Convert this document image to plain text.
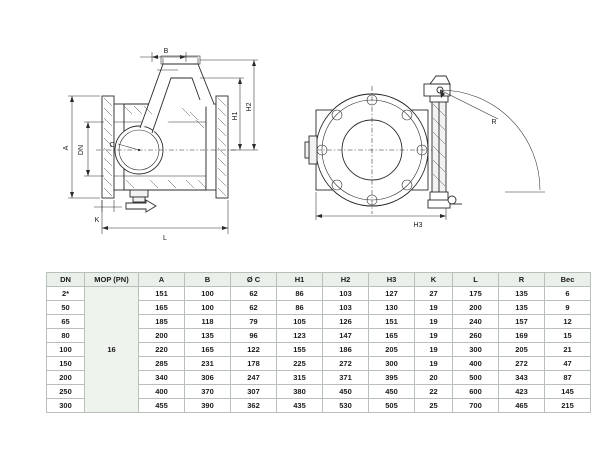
B
H1
H2
A DN	C
K
L
R
H3
DN	MOP (PN)	A	B	Ø C	H1	H2	H3	K	L	R	Bec
2*	16	151	100	62	86	103	127	27	175	135	6
50		165	100	62	86	103	130	19	200	135	9
65		185	118	79	105	126	151	19	240	157	12
80		200	135	96	123	147	165	19	260	169	15
100		220	165	122	155	186	205	19	300	205	21
150		285	231	178	225	272	300	19	400	272	47
200		340	306	247	315	371	395	20	500	343	87
250		400	370	307	380	450	450	22	600	423	145
300		455	390	362	435	530	505	25	700	465	215
